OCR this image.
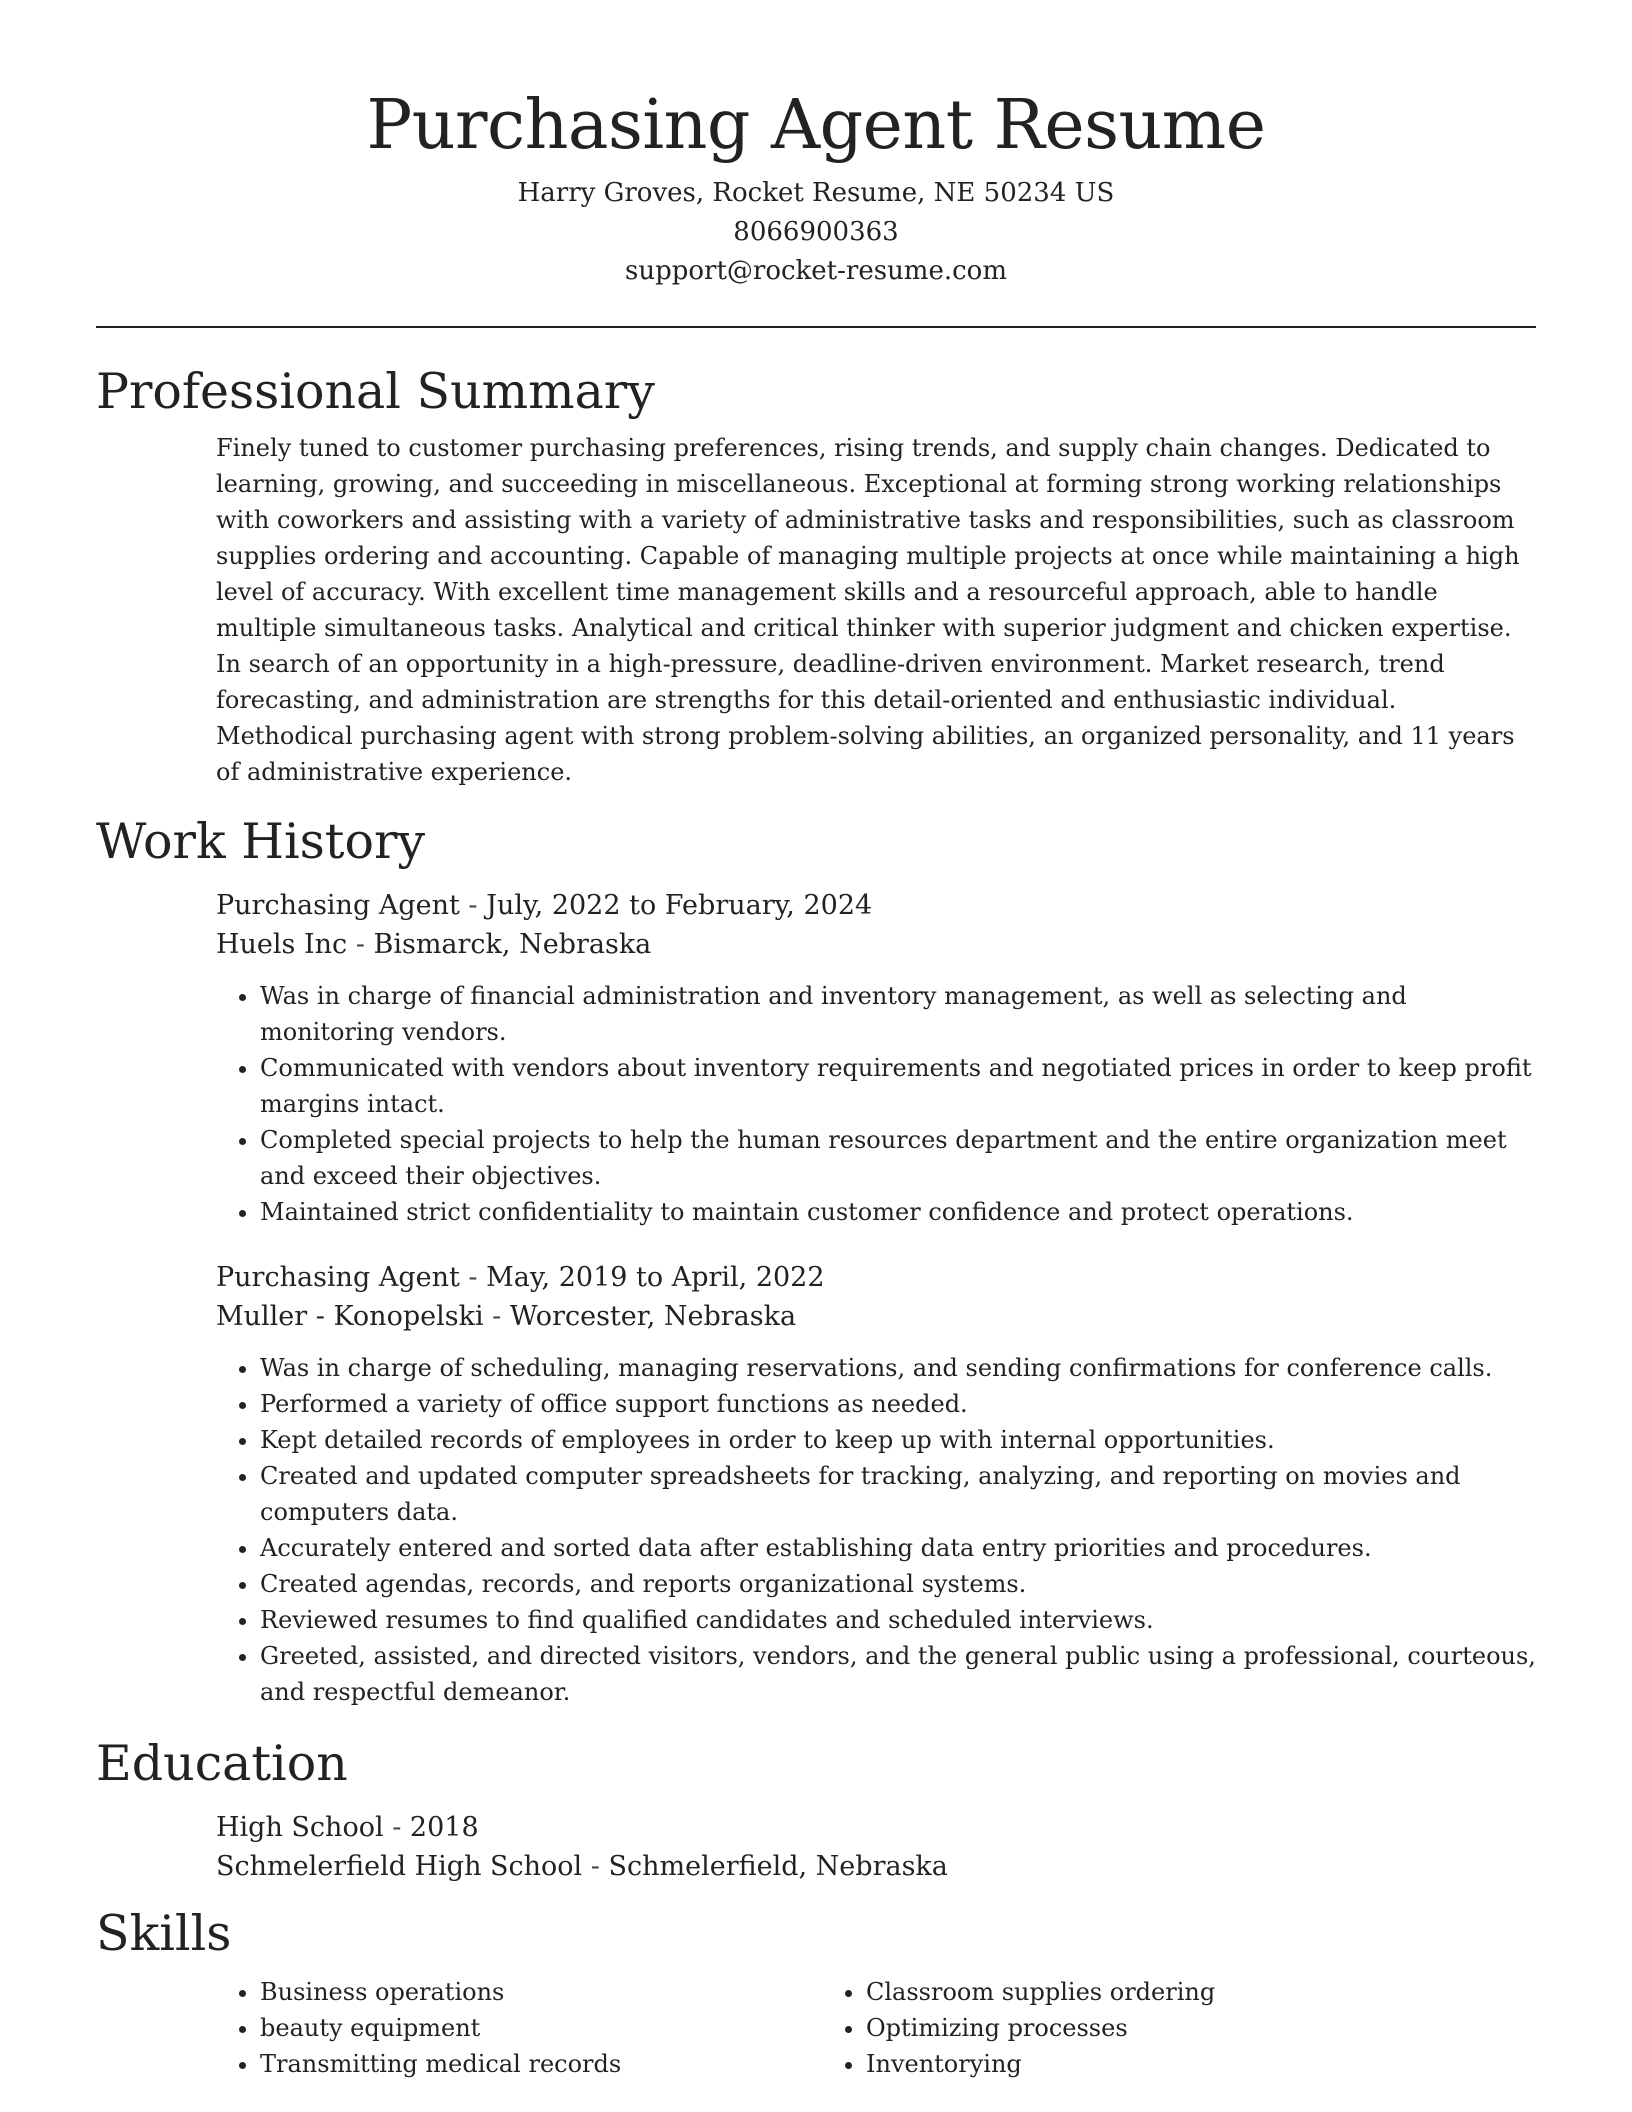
Purchasing Agent Resume
Harry Groves, Rocket Resume, NE 50234 US
8066900363
support@rocket-resume.com
Professional Summary

Finely tuned to customer purchasing preferences, rising trends, and supply chain changes. Dedicated to learning, growing, and succeeding in miscellaneous. Exceptional at forming strong working relationships with coworkers and assisting with a variety of administrative tasks and responsibilities, such as classroom supplies ordering and accounting. Capable of managing multiple projects at once while maintaining a high level of accuracy. With excellent time management skills and a resourceful approach, able to handle multiple simultaneous tasks. Analytical and critical thinker with superior judgment and chicken expertise. In search of an opportunity in a high-pressure, deadline-driven environment. Market research, trend forecasting, and administration are strengths for this detail-oriented and enthusiastic individual. Methodical purchasing agent with strong problem-solving abilities, an organized personality, and 11 years of administrative experience.

Work History
Purchasing Agent - July, 2022 to February, 2024
Huels Inc - Bismarck, Nebraska
• Was in charge of financial administration and inventory management, as well as selecting and monitoring vendors.
• Communicated with vendors about inventory requirements and negotiated prices in order to keep profit margins intact.
• Completed special projects to help the human resources department and the entire organization meet and exceed their objectives.
• Maintained strict confidentiality to maintain customer confidence and protect operations.
Purchasing Agent - May, 2019 to April, 2022
Muller - Konopelski - Worcester, Nebraska
• Was in charge of scheduling, managing reservations, and sending confirmations for conference calls.
• Performed a variety of office support functions as needed.
• Kept detailed records of employees in order to keep up with internal opportunities.
• Created and updated computer spreadsheets for tracking, analyzing, and reporting on movies and computers data.
• Accurately entered and sorted data after establishing data entry priorities and procedures.
• Created agendas, records, and reports organizational systems.
• Reviewed resumes to find qualified candidates and scheduled interviews.
• Greeted, assisted, and directed visitors, vendors, and the general public using a professional, courteous, and respectful demeanor.
Education
High School - 2018
Schmelerfield High School - Schmelerfield, Nebraska
Skills
• Business operations
• beauty equipment
• Transmitting medical records
• Classroom supplies ordering
• Optimizing processes
• Inventorying
